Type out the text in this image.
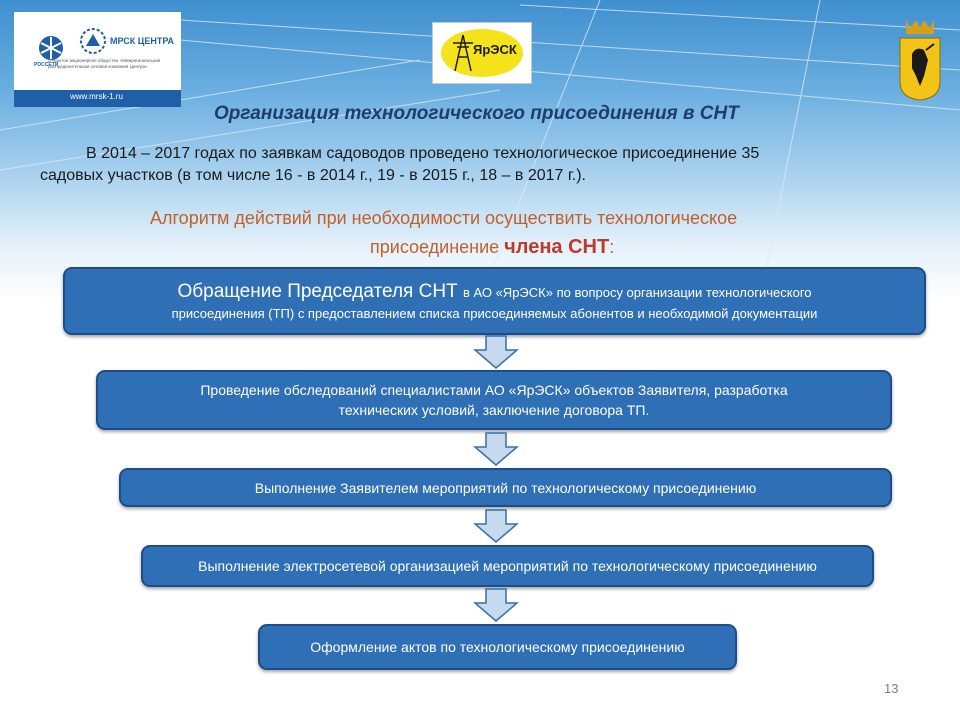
РОССЕТИ
МРСК ЦЕНТРА
Открытое акционерное общество «Межрегиональная распределительная сетевая компания Центра»
www.mrsk-1.ru
ЯрЭСК
Организация технологического присоединения в СНТ
В 2014 – 2017 годах по заявкам садоводов проведено технологическое присоединение 35
садовых участков (в том числе 16 - в 2014 г., 19 - в 2015 г., 18 – в 2017 г.).
Алгоритм действий при необходимости осуществить технологическое
присоединение члена СНТ:
Обращение Председателя СНТ в АО «ЯрЭСК» по вопросу организации технологического
присоединения (ТП) с предоставлением списка присоединяемых абонентов и необходимой документации
Проведение обследований специалистами АО «ЯрЭСК» объектов Заявителя, разработка
технических условий, заключение договора ТП.
Выполнение Заявителем мероприятий по технологическому присоединению
Выполнение электросетевой организацией мероприятий по технологическому присоединению
Оформление актов по технологическому присоединению
13
